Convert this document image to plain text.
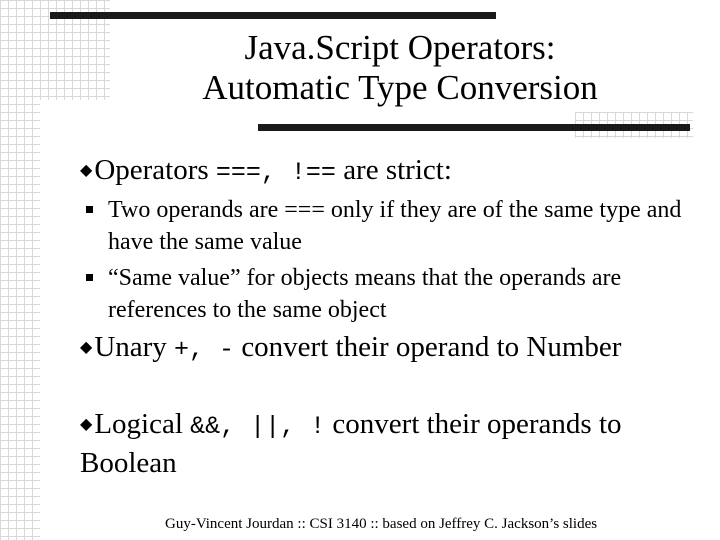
Java.Script Operators:
Automatic Type Conversion
◆Operators ===, !== are strict:
Two operands are === only if they are of the same type and have the same value
“Same value” for objects means that the operands are references to the same object
◆Unary +, - convert their operand to Number
◆Logical &&, ||, ! convert their operands to Boolean
Guy-Vincent Jourdan :: CSI 3140 :: based on Jeffrey C. Jackson’s slides
